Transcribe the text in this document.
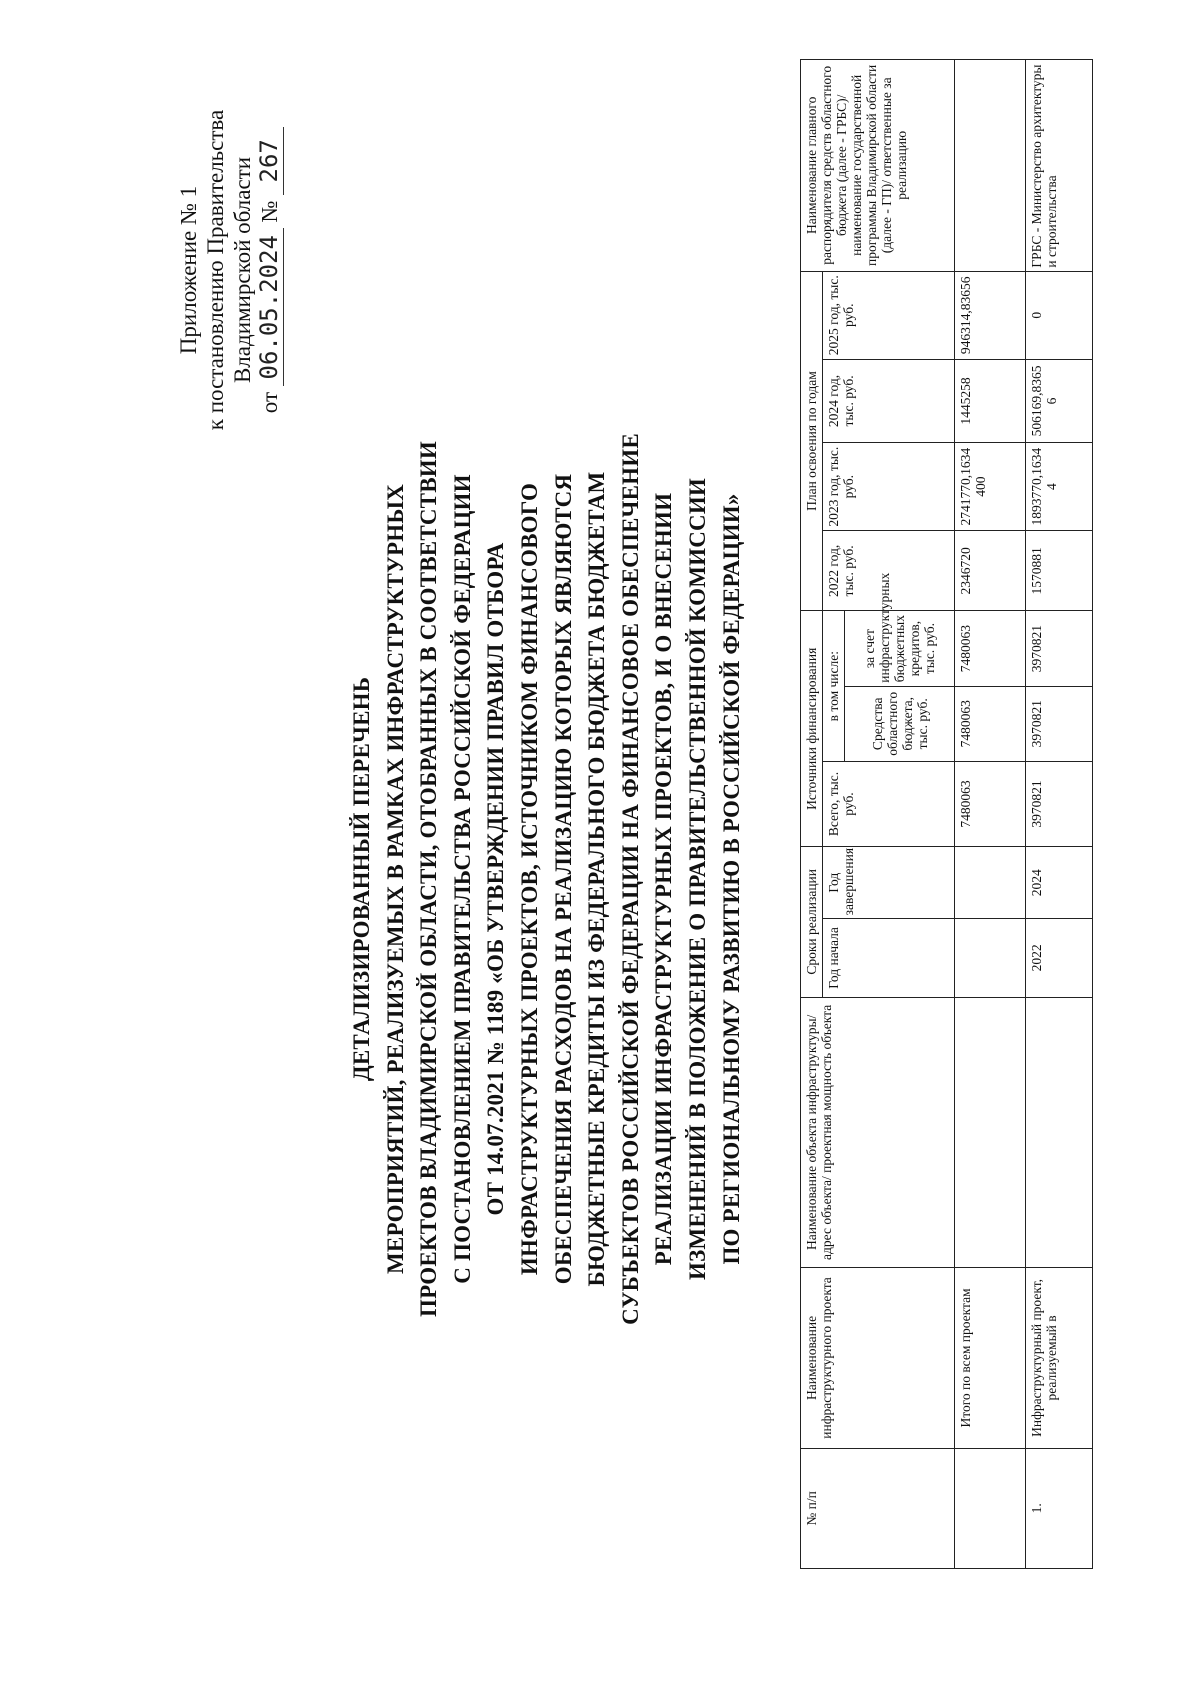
Приложение № 1 к постановлению Правительства Владимирской области
от 06.05.2024 № 267
ДЕТАЛИЗИРОВАННЫЙ ПЕРЕЧЕНЬ МЕРОПРИЯТИЙ, РЕАЛИЗУЕМЫХ В РАМКАХ ИНФРАСТРУКТУРНЫХ ПРОЕКТОВ ВЛАДИМИРСКОЙ ОБЛАСТИ, ОТОБРАННЫХ В СООТВЕТСТВИИ С ПОСТАНОВЛЕНИЕМ ПРАВИТЕЛЬСТВА РОССИЙСКОЙ ФЕДЕРАЦИИ ОТ 14.07.2021 № 1189 «ОБ УТВЕРЖДЕНИИ ПРАВИЛ ОТБОРА ИНФРАСТРУКТУРНЫХ ПРОЕКТОВ, ИСТОЧНИКОМ ФИНАНСОВОГО ОБЕСПЕЧЕНИЯ РАСХОДОВ НА РЕАЛИЗАЦИЮ КОТОРЫХ ЯВЛЯЮТСЯ БЮДЖЕТНЫЕ КРЕДИТЫ ИЗ ФЕДЕРАЛЬНОГО БЮДЖЕТА БЮДЖЕТАМ СУБЪЕКТОВ РОССИЙСКОЙ ФЕДЕРАЦИИ НА ФИНАНСОВОЕ ОБЕСПЕЧЕНИЕ РЕАЛИЗАЦИИ ИНФРАСТРУКТУРНЫХ ПРОЕКТОВ, И О ВНЕСЕНИИ ИЗМЕНЕНИЙ В ПОЛОЖЕНИЕ О ПРАВИТЕЛЬСТВЕННОЙ КОМИССИИ ПО РЕГИОНАЛЬНОМУ РАЗВИТИЮ В РОССИЙСКОЙ ФЕДЕРАЦИИ»
№ п/п	Наименование инфраструктурного проекта	Наименование объекта инфраструктуры/ адрес объекта/ проектная мощность объекта	Сроки реализации		Источники финансирования			План освоения по годам				Наименование главного распорядителя средств областного бюджета (далее - ГРБС)/наименование государственной программы Владимирской области (далее - ГП)/ ответственные за реализацию
			Год начала	Год завершения	Всего, тыс. руб.	в том числе:		2022 год, тыс. руб.	2023 год, тыс. руб.	2024 год, тыс. руб.	2025 год, тыс. руб.	
						Средства областного бюджета, тыс. руб.	за счет инфраструктурных бюджетных кредитов, тыс. руб.					
	Итого по всем проектам				7480063	7480063	7480063	2346720	2741770,1634400	1445258	946314,83656	
1.	Инфраструктурный проект, реализуемый в		2022	2024	3970821	3970821	3970821	1570881	1893770,16344	506169,83656	0	ГРБС - Министерство архитектуры и строительства
